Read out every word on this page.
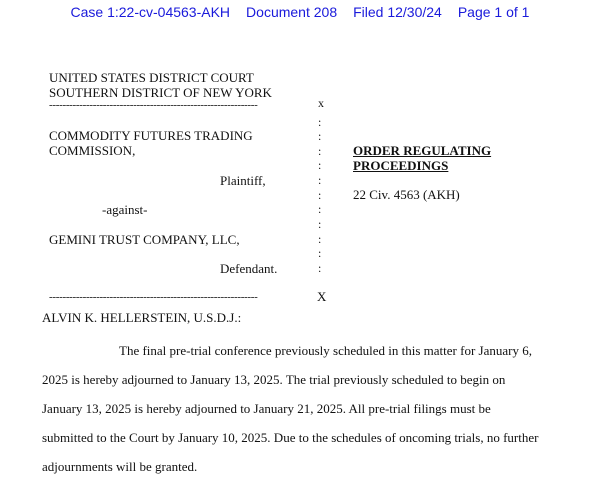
Case 1:22-cv-04563-AKH Document 208 Filed 12/30/24 Page 1 of 1
UNITED STATES DISTRICT COURT
SOUTHERN DISTRICT OF NEW YORK
--------------------------------------------------------------	x
:
:
:
:
:
:
:
:
:
:
:
COMMODITY FUTURES TRADING
COMMISSION,
Plaintiff,
-against-
GEMINI TRUST COMPANY, LLC,
Defendant.
--------------------------------------------------------------	X
ORDER REGULATING
PROCEEDINGS
22 Civ. 4563 (AKH)
ALVIN K. HELLERSTEIN, U.S.D.J.:
The final pre-trial conference previously scheduled in this matter for January 6,
2025 is hereby adjourned to January 13, 2025. The trial previously scheduled to begin on
January 13, 2025 is hereby adjourned to January 21, 2025. All pre-trial filings must be
submitted to the Court by January 10, 2025. Due to the schedules of oncoming trials, no further
adjournments will be granted.
